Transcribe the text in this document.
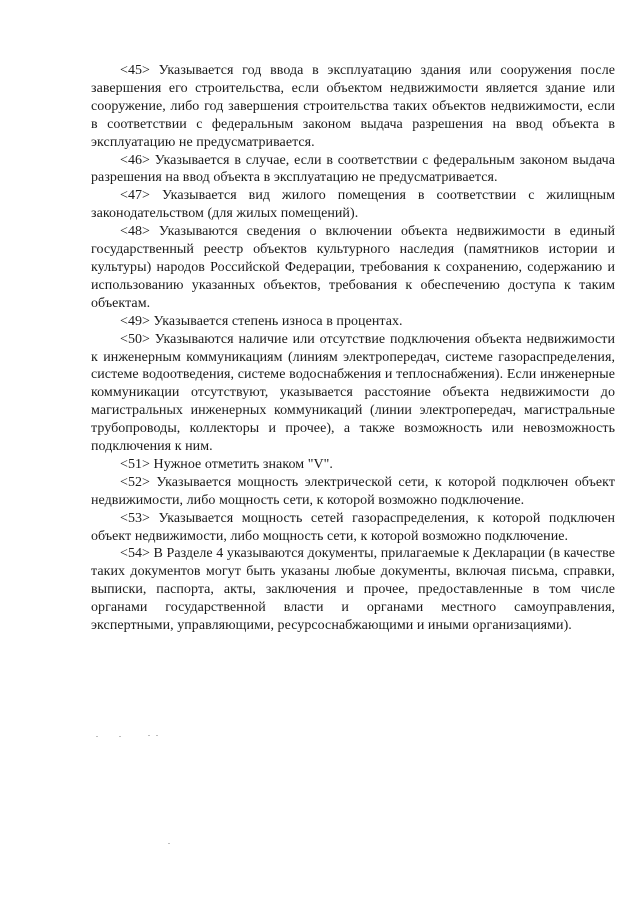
<45> Указывается год ввода в эксплуатацию здания или сооружения после завершения его строительства, если объектом недвижимости является здание или сооружение, либо год завершения строительства таких объектов недвижимости, если в соответствии с федеральным законом выдача разрешения на ввод объекта в эксплуатацию не предусматривается.

<46> Указывается в случае, если в соответствии с федеральным законом выдача разрешения на ввод объекта в эксплуатацию не предусматривается.

<47> Указывается вид жилого помещения в соответствии с жилищным законодательством (для жилых помещений).

<48> Указываются сведения о включении объекта недвижимости в единый государственный реестр объектов культурного наследия (памятников истории и культуры) народов Российской Федерации, требования к сохранению, содержанию и использованию указанных объектов, требования к обеспечению доступа к таким объектам.

<49> Указывается степень износа в процентах.

<50> Указываются наличие или отсутствие подключения объекта недвижимости к инженерным коммуникациям (линиям электропередач, системе газораспределения, системе водоотведения, системе водоснабжения и теплоснабжения). Если инженерные коммуникации отсутствуют, указывается расстояние объекта недвижимости до магистральных инженерных коммуникаций (линии электропередач, магистральные трубопроводы, коллекторы и прочее), а также возможность или невозможность подключения к ним.

<51> Нужное отметить знаком "V".

<52> Указывается мощность электрической сети, к которой подключен объект недвижимости, либо мощность сети, к которой возможно подключение.

<53> Указывается мощность сетей газораспределения, к которой подключен объект недвижимости, либо мощность сети, к которой возможно подключение.

<54> В Разделе 4 указываются документы, прилагаемые к Декларации (в качестве таких документов могут быть указаны любые документы, включая письма, справки, выписки, паспорта, акты, заключения и прочее, предоставленные в том числе органами государственной власти и органами местного самоуправления, экспертными, управляющими, ресурсоснабжающими и иными организациями).
